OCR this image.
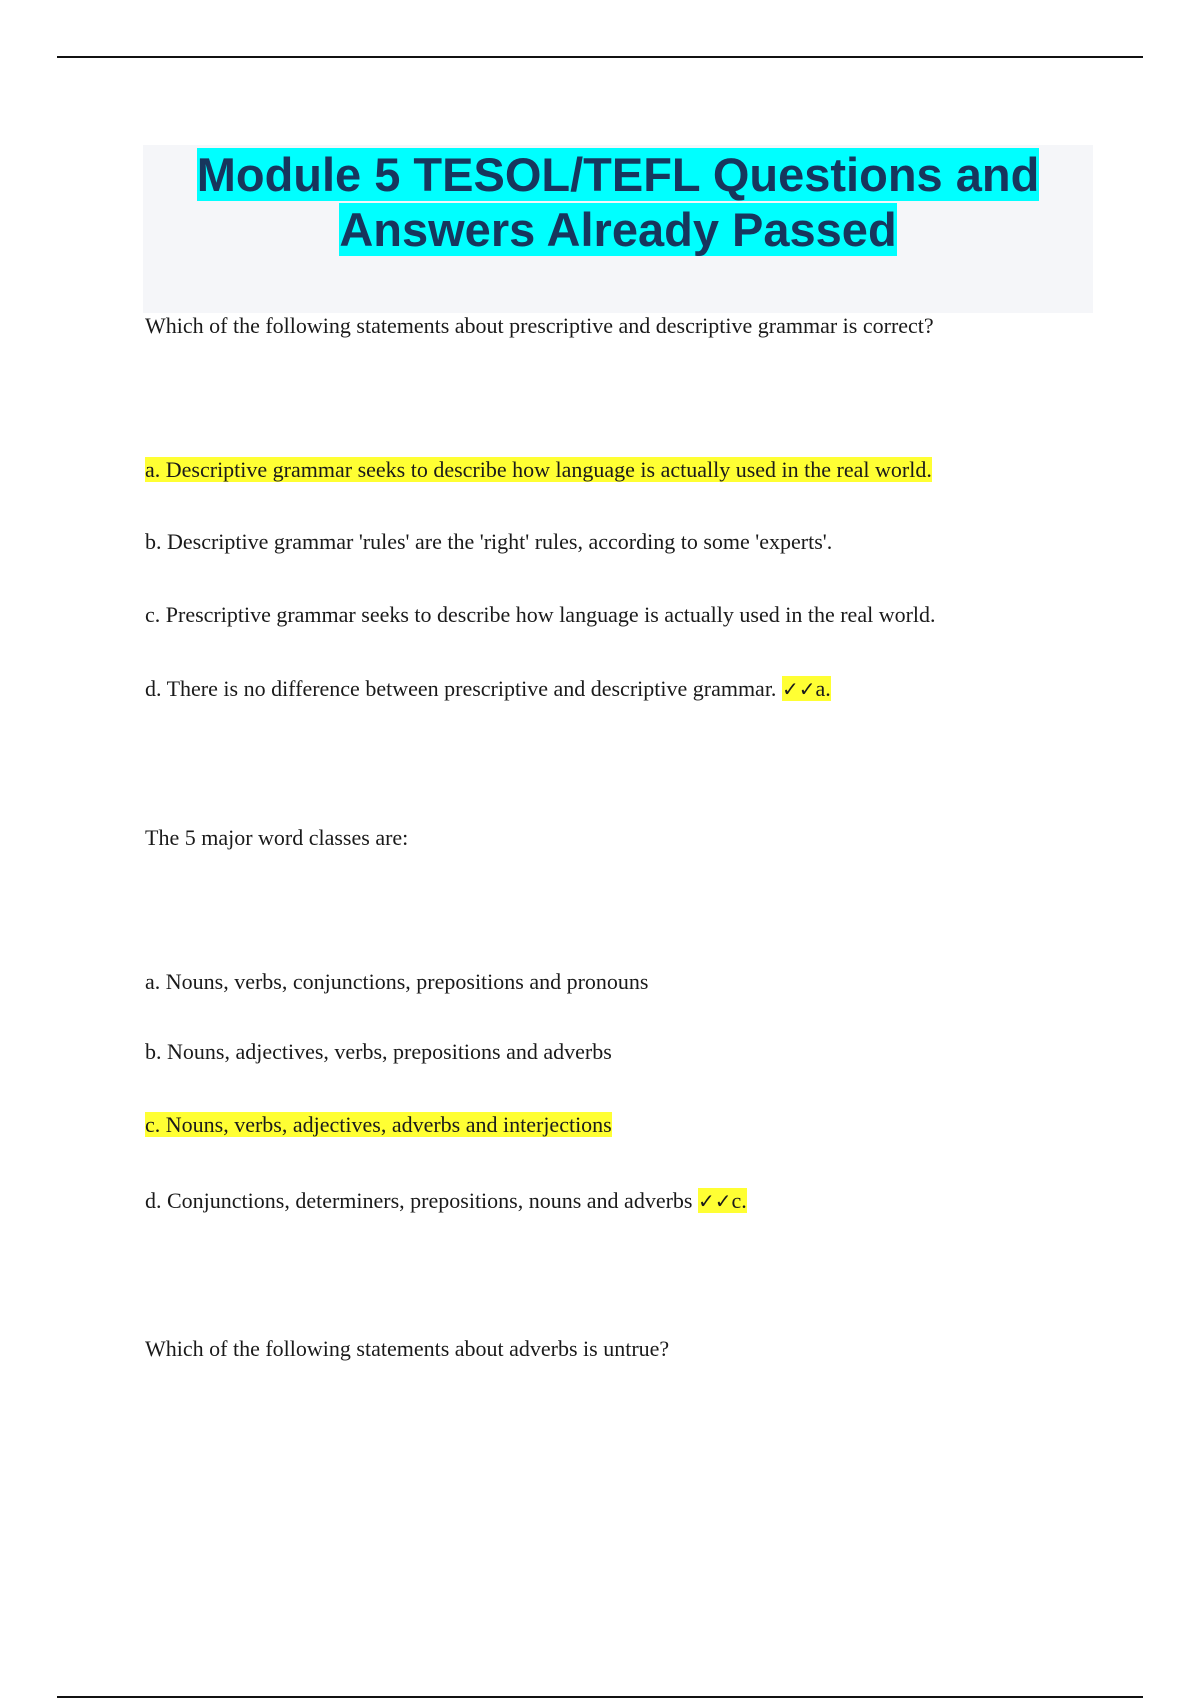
Module 5 TESOL/TEFL Questions and
Answers Already Passed

Which of the following statements about prescriptive and descriptive grammar is correct?

a. Descriptive grammar seeks to describe how language is actually used in the real world.

b. Descriptive grammar 'rules' are the 'right' rules, according to some 'experts'.

c. Prescriptive grammar seeks to describe how language is actually used in the real world.

d. There is no difference between prescriptive and descriptive grammar. ✓✓a.

The 5 major word classes are:

a. Nouns, verbs, conjunctions, prepositions and pronouns

b. Nouns, adjectives, verbs, prepositions and adverbs

c. Nouns, verbs, adjectives, adverbs and interjections

d. Conjunctions, determiners, prepositions, nouns and adverbs ✓✓c.

Which of the following statements about adverbs is untrue?
